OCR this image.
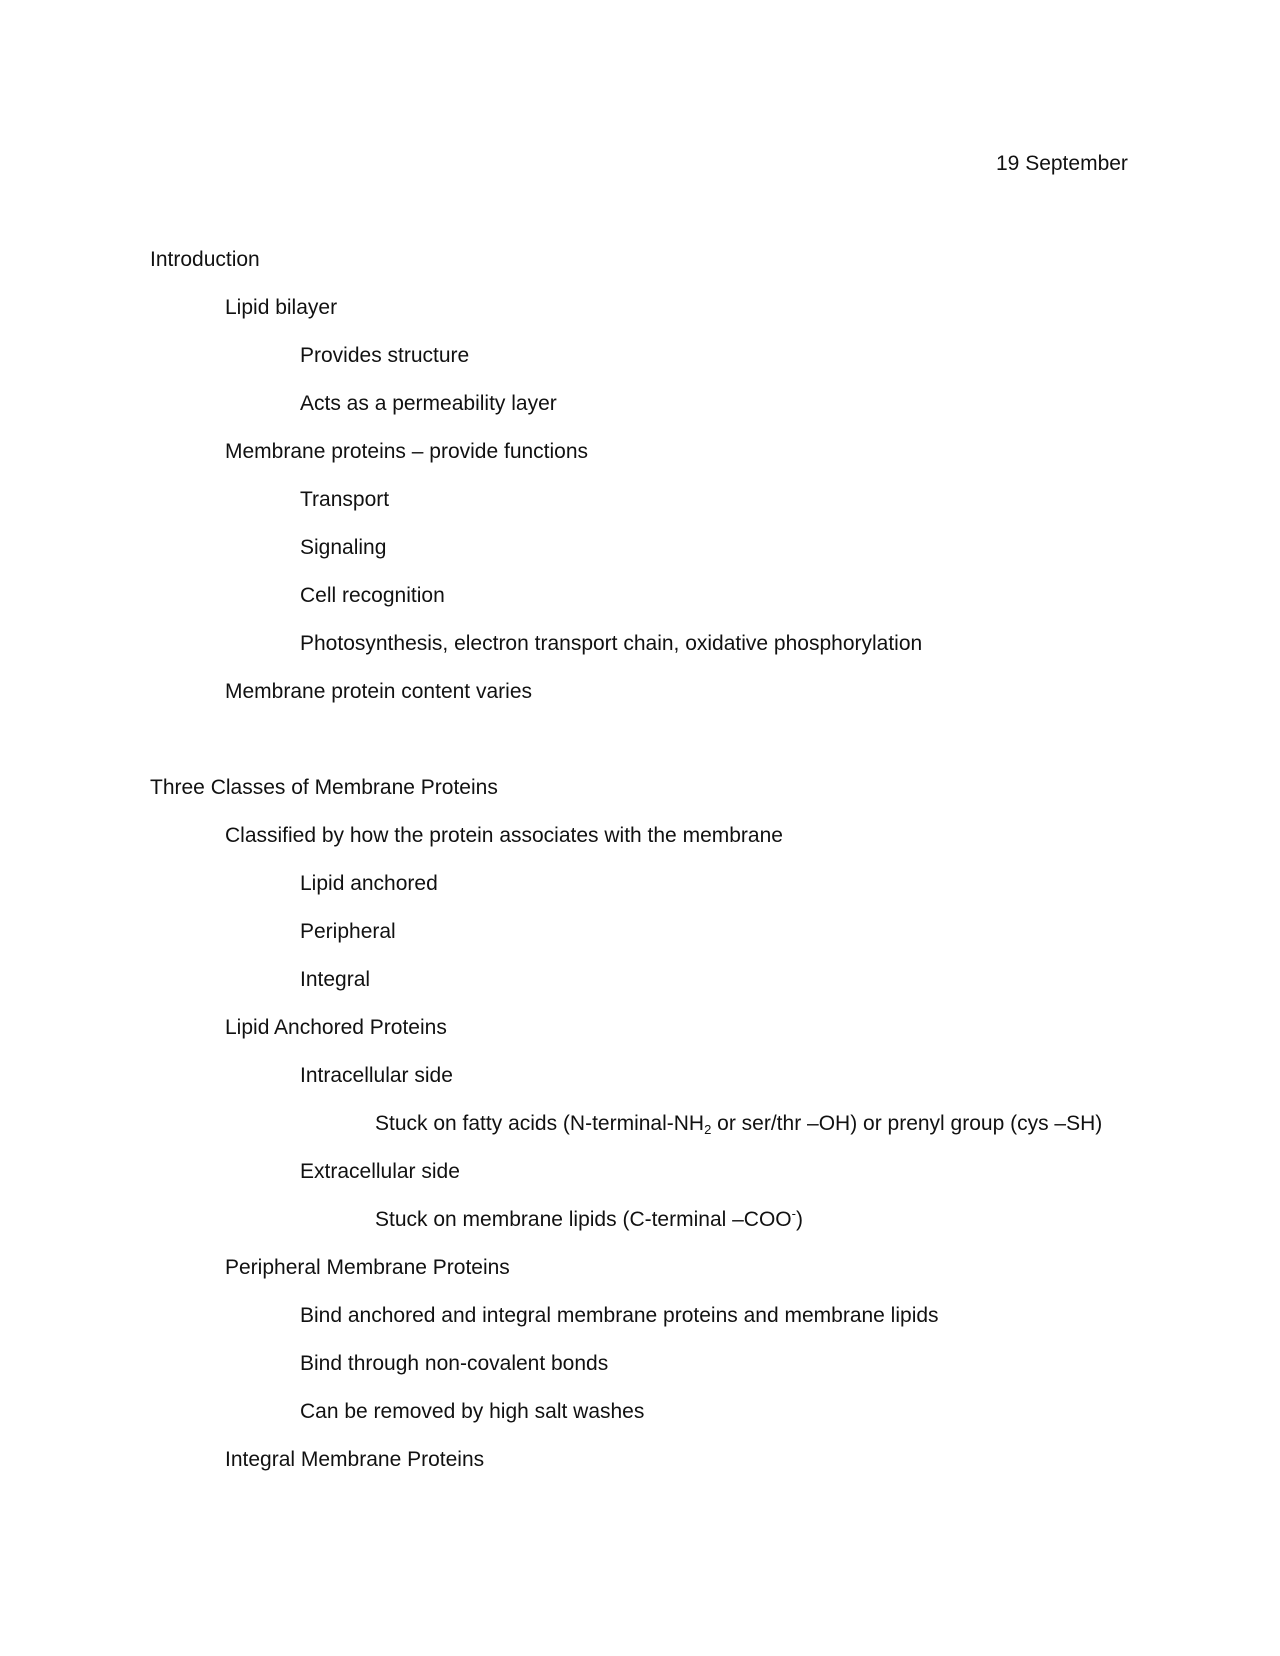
19 September
Introduction
Lipid bilayer
Provides structure
Acts as a permeability layer
Membrane proteins – provide functions
Transport
Signaling
Cell recognition
Photosynthesis, electron transport chain, oxidative phosphorylation
Membrane protein content varies
Three Classes of Membrane Proteins
Classified by how the protein associates with the membrane
Lipid anchored
Peripheral
Integral
Lipid Anchored Proteins
Intracellular side
Stuck on fatty acids (N-terminal-NH2 or ser/thr –OH) or prenyl group (cys –SH)
Extracellular side
Stuck on membrane lipids (C-terminal –COO-)
Peripheral Membrane Proteins
Bind anchored and integral membrane proteins and membrane lipids
Bind through non-covalent bonds
Can be removed by high salt washes
Integral Membrane Proteins
